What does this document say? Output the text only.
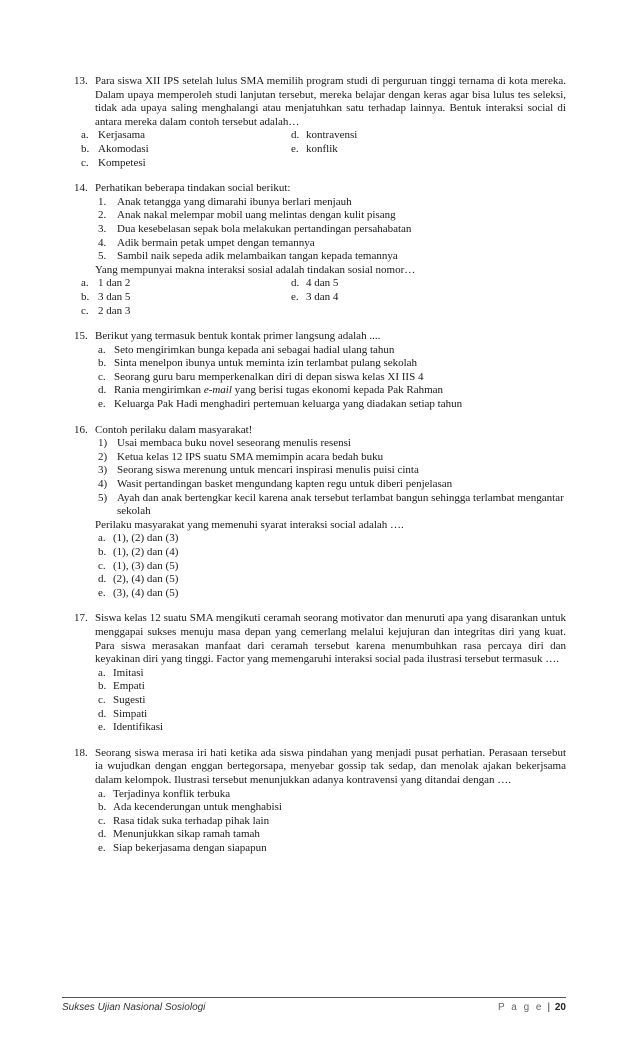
13. Para siswa XII IPS setelah lulus SMA memilih program studi di perguruan tinggi ternama di kota mereka. Dalam upaya memperoleh studi lanjutan tersebut, mereka belajar dengan keras agar bisa lulus tes seleksi, tidak ada upaya saling menghalangi atau menjatuhkan satu terhadap lainnya. Bentuk interaksi social di antara mereka dalam contoh tersebut adalah…
a. Kerjasama	d. kontravensi
b. Akomodasi	e. konflik
c. Kompetesi
14. Perhatikan beberapa tindakan social berikut:
1. Anak tetangga yang dimarahi ibunya berlari menjauh
2. Anak nakal melempar mobil uang melintas dengan kulit pisang
3. Dua kesebelasan sepak bola melakukan pertandingan persahabatan
4. Adik bermain petak umpet dengan temannya
5. Sambil naik sepeda adik melambaikan tangan kepada temannya
Yang mempunyai makna interaksi sosial adalah tindakan sosial nomor…
a. 1 dan 2	d. 4 dan 5
b. 3 dan 5	e. 3 dan 4
c. 2 dan 3
15. Berikut yang termasuk bentuk kontak primer langsung adalah ....
a. Seto mengirimkan bunga kepada ani sebagai hadial ulang tahun
b. Sinta menelpon ibunya untuk meminta izin terlambat pulang sekolah
c. Seorang guru baru memperkenalkan diri di depan siswa kelas XI IIS 4
d. Rania mengirimkan e-mail yang berisi tugas ekonomi kepada Pak Rahman
e. Keluarga Pak Hadi menghadiri pertemuan keluarga yang diadakan setiap tahun
16. Contoh perilaku dalam masyarakat!
1) Usai membaca buku novel seseorang menulis resensi
2) Ketua kelas 12 IPS suatu SMA memimpin acara bedah buku
3) Seorang siswa merenung untuk mencari inspirasi menulis puisi cinta
4) Wasit pertandingan basket mengundang kapten regu untuk diberi penjelasan
5) Ayah dan anak bertengkar kecil karena anak tersebut terlambat bangun sehingga terlambat mengantar sekolah
Perilaku masyarakat yang memenuhi syarat interaksi social adalah ….
a. (1), (2) dan (3)
b. (1), (2) dan (4)
c. (1), (3) dan (5)
d. (2), (4) dan (5)
e. (3), (4) dan (5)
17. Siswa kelas 12 suatu SMA mengikuti ceramah seorang motivator dan menuruti apa yang disarankan untuk menggapai sukses menuju masa depan yang cemerlang melalui kejujuran dan integritas diri yang kuat. Para siswa merasakan manfaat dari ceramah tersebut karena menumbuhkan rasa percaya diri dan keyakinan diri yang tinggi. Factor yang memengaruhi interaksi social pada ilustrasi tersebut termasuk ….
a. Imitasi
b. Empati
c. Sugesti
d. Simpati
e. Identifikasi
18. Seorang siswa merasa iri hati ketika ada siswa pindahan yang menjadi pusat perhatian. Perasaan tersebut ia wujudkan dengan enggan bertegorsapa, menyebar gossip tak sedap, dan menolak ajakan bekerjsama dalam kelompok. Ilustrasi tersebut menunjukkan adanya kontravensi yang ditandai dengan ….
a. Terjadinya konflik terbuka
b. Ada kecenderungan untuk menghabisi
c. Rasa tidak suka terhadap pihak lain
d. Menunjukkan sikap ramah tamah
e. Siap bekerjasama dengan siapapun
Sukses Ujian Nasional Sosiologi	P a g e | 20
